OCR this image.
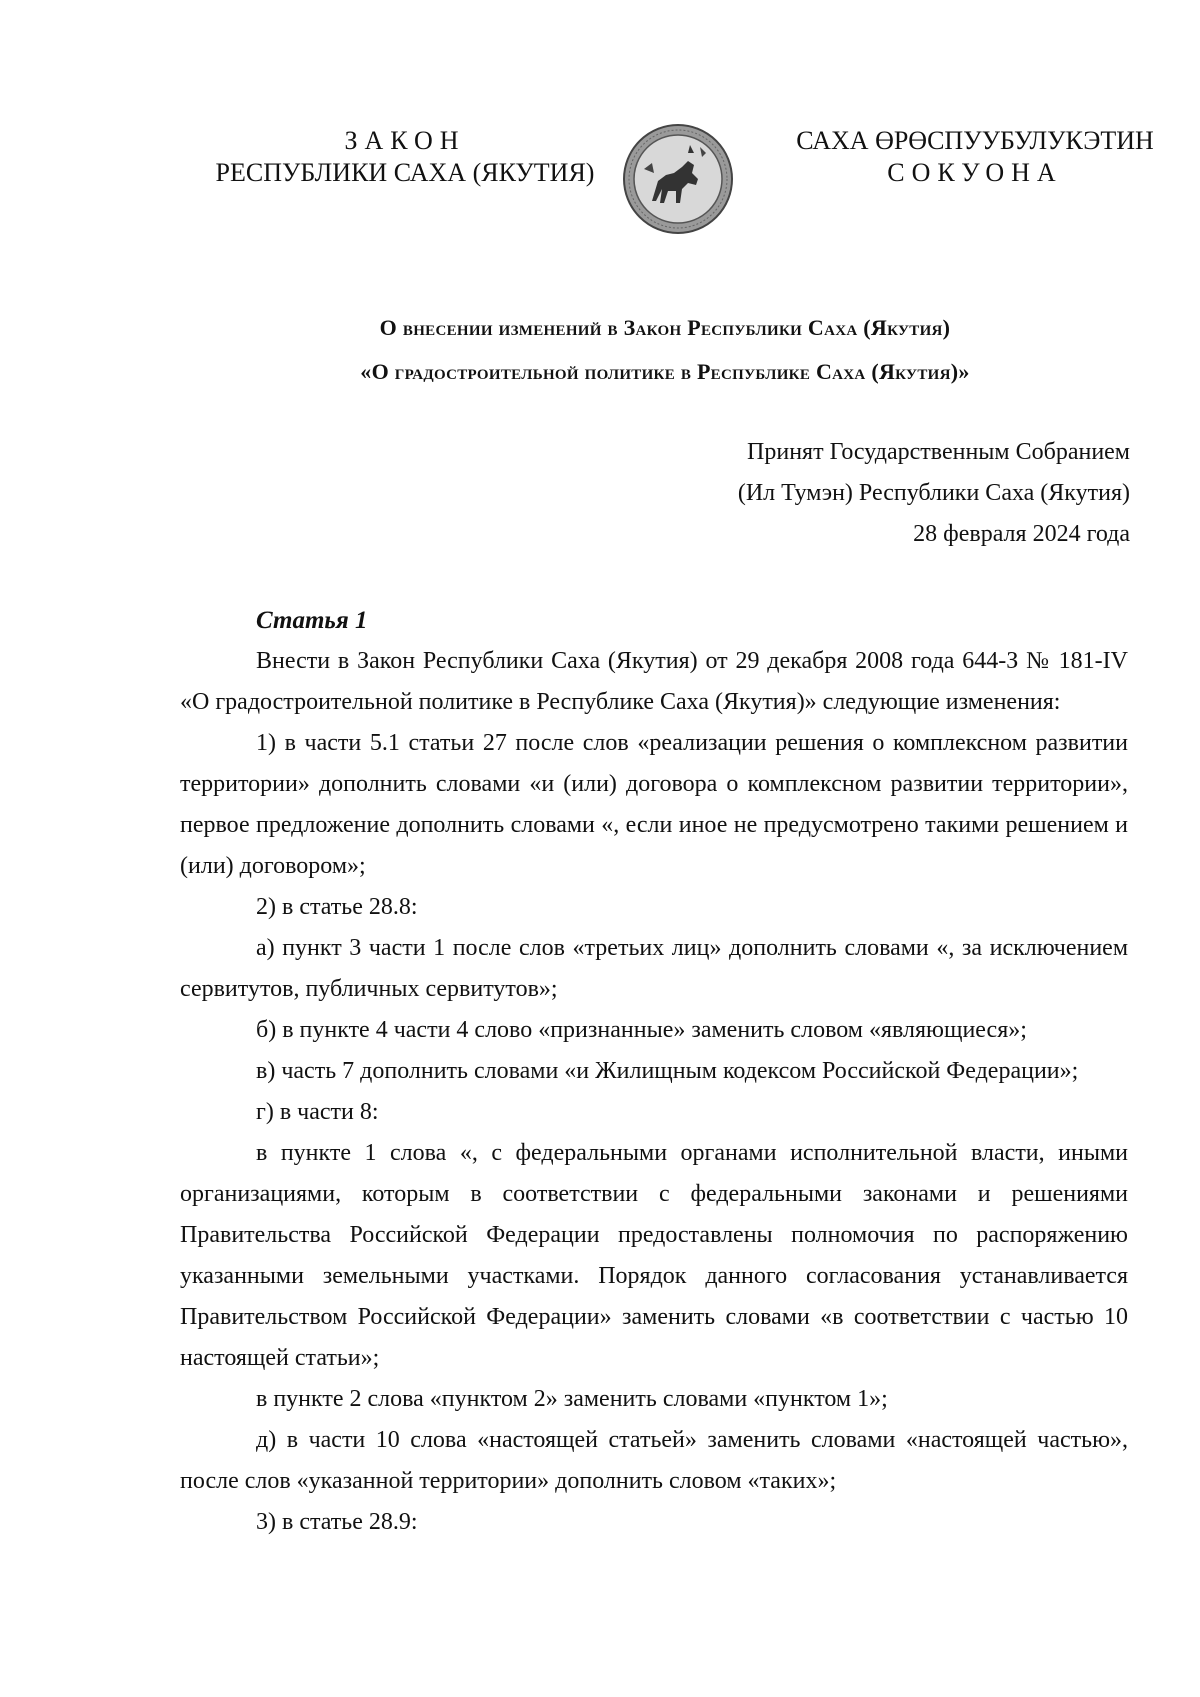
ЗАКОН
РЕСПУБЛИКИ САХА (ЯКУТИЯ)
САХА ӨРӨСПУУБУЛУКЭТИН
СОКУОНА
О внесении изменений в Закон Республики Саха (Якутия)
«О градостроительной политике в Республике Саха (Якутия)»
Принят Государственным Собранием
(Ил Тумэн) Республики Саха (Якутия)
28 февраля 2024 года

Статья 1

Внести в Закон Республики Саха (Якутия) от 29 декабря 2008 года 644-З № 181-IV «О градостроительной политике в Республике Саха (Якутия)» следующие изменения:

1) в части 5.1 статьи 27 после слов «реализации решения о комплексном развитии территории» дополнить словами «и (или) договора о комплексном развитии территории», первое предложение дополнить словами «, если иное не предусмотрено такими решением и (или) договором»;

2) в статье 28.8:

а) пункт 3 части 1 после слов «третьих лиц» дополнить словами «, за исключением сервитутов, публичных сервитутов»;

б) в пункте 4 части 4 слово «признанные» заменить словом «являющиеся»;

в) часть 7 дополнить словами «и Жилищным кодексом Российской Федерации»;

г) в части 8:

в пункте 1 слова «, с федеральными органами исполнительной власти, иными организациями, которым в соответствии с федеральными законами и решениями Правительства Российской Федерации предоставлены полномочия по распоряжению указанными земельными участками. Порядок данного согласования устанавливается Правительством Российской Федерации» заменить словами «в соответствии с частью 10 настоящей статьи»;

в пункте 2 слова «пунктом 2» заменить словами «пунктом 1»;

д) в части 10 слова «настоящей статьей» заменить словами «настоящей частью», после слов «указанной территории» дополнить словом «таких»;

3) в статье 28.9:
